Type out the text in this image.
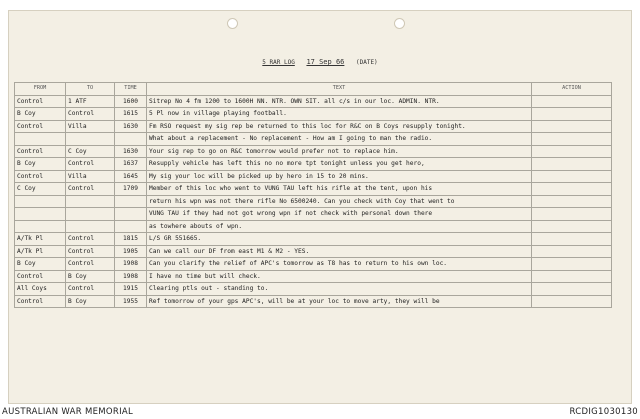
5 RAR LOG 17 Sep 66 (DATE)
FROM	TO	TIME	TEXT	ACTION
Control	1 ATF	1600	Sitrep No 4 fm 1200 to 1600H NN. NTR. OWN SIT. all c/s in our loc. ADMIN. NTR.	
B Coy	Control	1615	5 Pl now in village playing football.	
Control	Villa	1630	Fm RSO request my sig rep be returned to this loc for R&C on B Coys resupply tonight.	
			What about a replacement - No replacement - How am I going to man the radio.	
Control	C Coy	1630	Your sig rep to go on R&C tomorrow would prefer not to replace him.	
B Coy	Control	1637	Resupply vehicle has left this no no more tpt tonight unless you get hero,	
Control	Villa	1645	My sig your loc will be picked up by hero in 15 to 20 mins.	
C Coy	Control	1709	Member of this loc who went to VUNG TAU left his rifle at the tent, upon his	
			return his wpn was not there rifle No 6500240. Can you check with Coy that went to	
			VUNG TAU if they had not got wrong wpn if not check with personal down there	
			as towhere abouts of wpn.	
A/Tk Pl	Control	1815	L/S GR 551665.	
A/Tk Pl	Control	1905	Can we call our DF from east M1 & M2 - YES.	
B Coy	Control	1908	Can you clarify the relief of APC's tomorrow as T8 has to return to his own loc.	
Control	B Coy	1908	I have no time but will check.	
All Coys	Control	1915	Clearing ptls out - standing to.	
Control	B Coy	1955	Ref tomorrow of your gps APC's, will be at your loc to move arty, they will be	
AUSTRALIAN WAR MEMORIAL	RCDIG1030130
